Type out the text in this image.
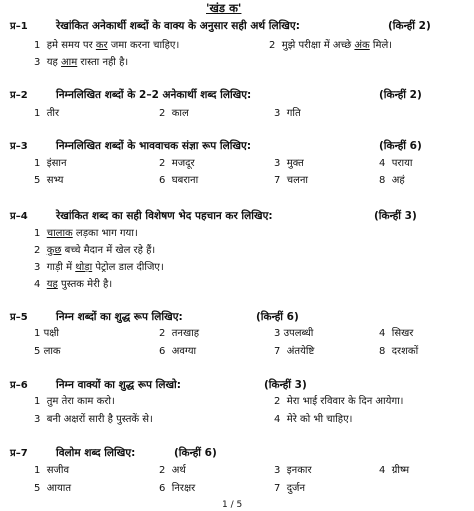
'खंड क'
प्र–1	रेखांकित अनेकार्थी शब्दों के वाक्य के अनुसार सही अर्थ लिखिए:	(किन्हीं 2)
1 हमे समय पर कर जमा करना चाहिए।	2 मुझे परीक्षा में अच्छे अंक मिले।
3 यह आम रास्ता नही है।
प्र–2	निम्नलिखित शब्दों के 2–2 अनेकार्थी शब्द लिखिए:	(किन्हीं 2)
1 तीर	2 काल	3 गति
प्र–3	निम्नलिखित शब्दों के भाववाचक संज्ञा रूप लिखिए:	(किन्हीं 6)
1 इंसान	2 मजदूर	3 मुक्त	4 पराया
5 सभ्य	6 घबराना	7 चलना	8 अहं
प्र–4	रेखांकित शब्द का सही विशेषण भेद पहचान कर लिखिए:	(किन्हीं 3)
1 चालाक लड़का भाग गया।
2 कुछ बच्चे मैदान में खेल रहे हैं।
3 गाड़ी में थोड़ा पेट्रोल डाल दीजिए।
4 यह पुस्तक मेरी है।
प्र–5	निम्न शब्दों का शुद्ध रूप लिखिए:	(किन्हीं 6)
1 पक्षी	2 तनखाह	3 उपलब्धी	4 सिखर
5 लाक	6 अवग्या	7 अंतयेष्टि	8 दरशकों
प्र–6	निम्न वाक्यों का शुद्ध रूप लिखो:	(किन्हीं 3)
1 तुम तेरा काम करो।	2 मेरा भाई रविवार के दिन आयेगा।
3 बनी अक्षरों सारी है पुस्तकें से।	4 मेरे को भी चाहिए।
प्र–7	विलोम शब्द लिखिए:	(किन्हीं 6)
1 सजीव	2 अर्थ	3 इनकार	4 ग्रीष्म
5 आयात	6 निरक्षर	7 दुर्जन
1 / 5
